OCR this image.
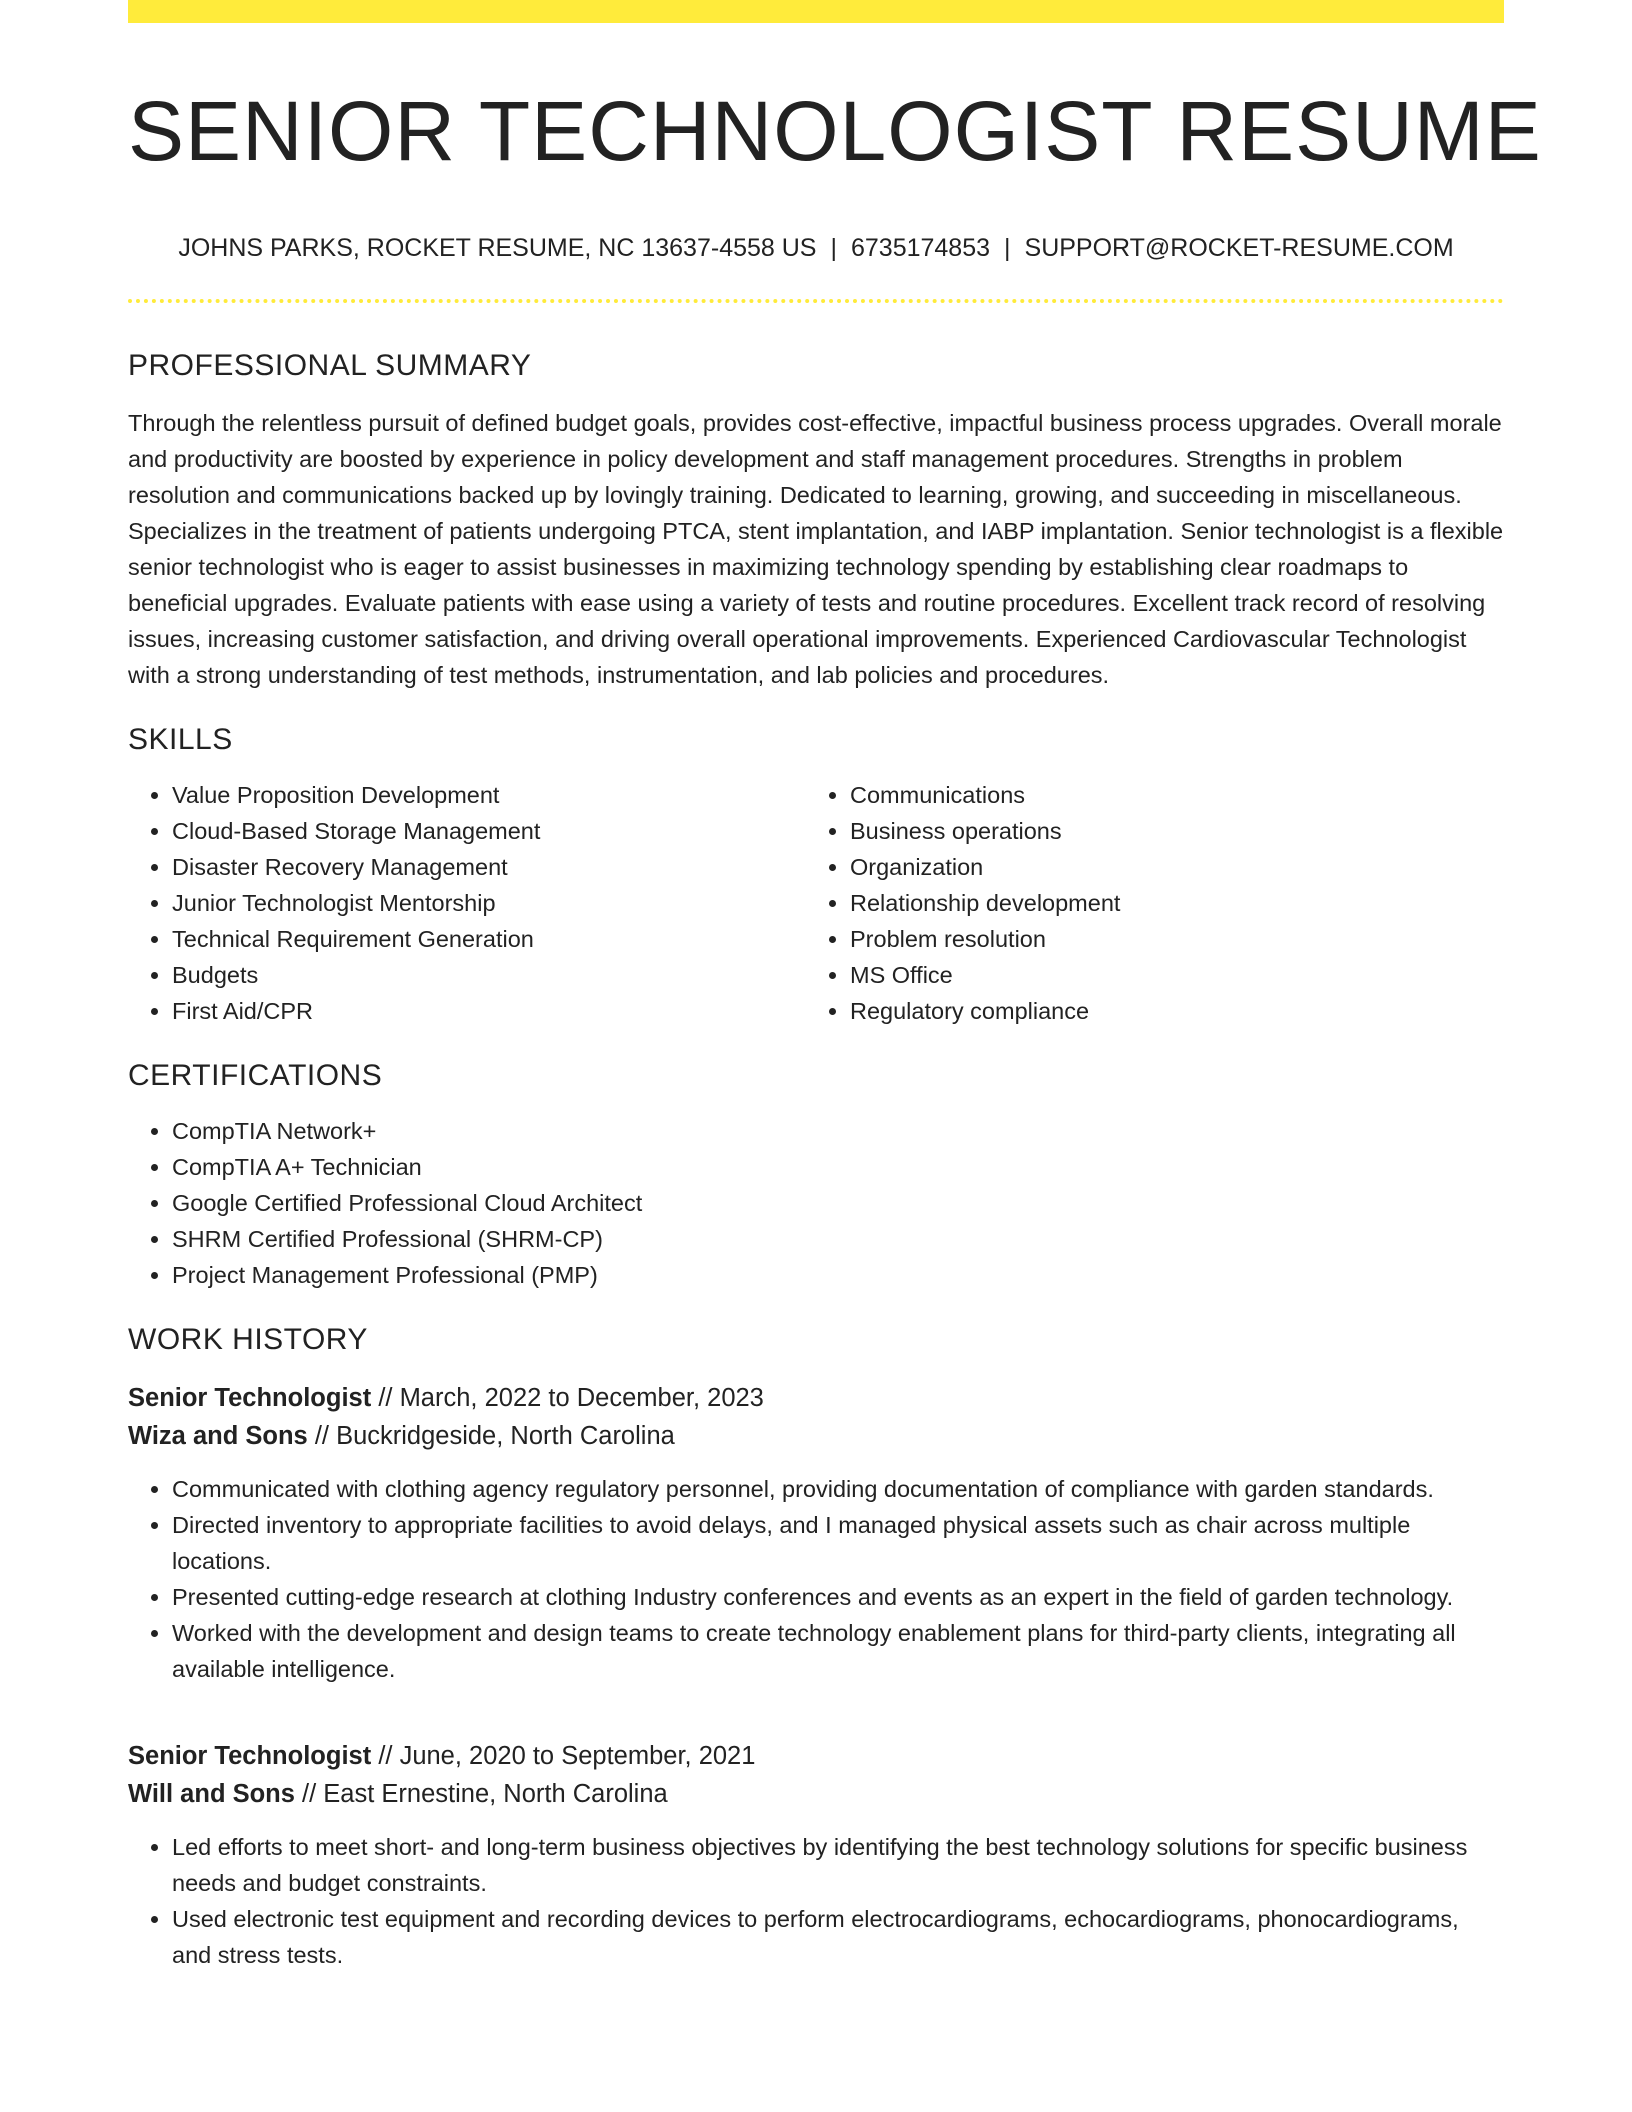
SENIOR TECHNOLOGIST RESUME
JOHNS PARKS, ROCKET RESUME, NC 13637-4558 US | 6735174853 | SUPPORT@ROCKET-RESUME.COM
PROFESSIONAL SUMMARY

Through the relentless pursuit of defined budget goals, provides cost-effective, impactful business process upgrades. Overall morale and productivity are boosted by experience in policy development and staff management procedures. Strengths in problem resolution and communications backed up by lovingly training. Dedicated to learning, growing, and succeeding in miscellaneous. Specializes in the treatment of patients undergoing PTCA, stent implantation, and IABP implantation. Senior technologist is a flexible senior technologist who is eager to assist businesses in maximizing technology spending by establishing clear roadmaps to beneficial upgrades. Evaluate patients with ease using a variety of tests and routine procedures. Excellent track record of resolving issues, increasing customer satisfaction, and driving overall operational improvements. Experienced Cardiovascular Technologist with a strong understanding of test methods, instrumentation, and lab policies and procedures.

SKILLS
• Value Proposition Development
• Cloud-Based Storage Management
• Disaster Recovery Management
• Junior Technologist Mentorship
• Technical Requirement Generation
• Budgets
• First Aid/CPR
• Communications
• Business operations
• Organization
• Relationship development
• Problem resolution
• MS Office
• Regulatory compliance
CERTIFICATIONS
• CompTIA Network+
• CompTIA A+ Technician
• Google Certified Professional Cloud Architect
• SHRM Certified Professional (SHRM-CP)
• Project Management Professional (PMP)
WORK HISTORY
Senior Technologist // March, 2022 to December, 2023
Wiza and Sons // Buckridgeside, North Carolina
• Communicated with clothing agency regulatory personnel, providing documentation of compliance with garden standards.
• Directed inventory to appropriate facilities to avoid delays, and I managed physical assets such as chair across multiple locations.
• Presented cutting-edge research at clothing Industry conferences and events as an expert in the field of garden technology.
• Worked with the development and design teams to create technology enablement plans for third-party clients, integrating all available intelligence.
Senior Technologist // June, 2020 to September, 2021
Will and Sons // East Ernestine, North Carolina
• Led efforts to meet short- and long-term business objectives by identifying the best technology solutions for specific business needs and budget constraints.
• Used electronic test equipment and recording devices to perform electrocardiograms, echocardiograms, phonocardiograms, and stress tests.
